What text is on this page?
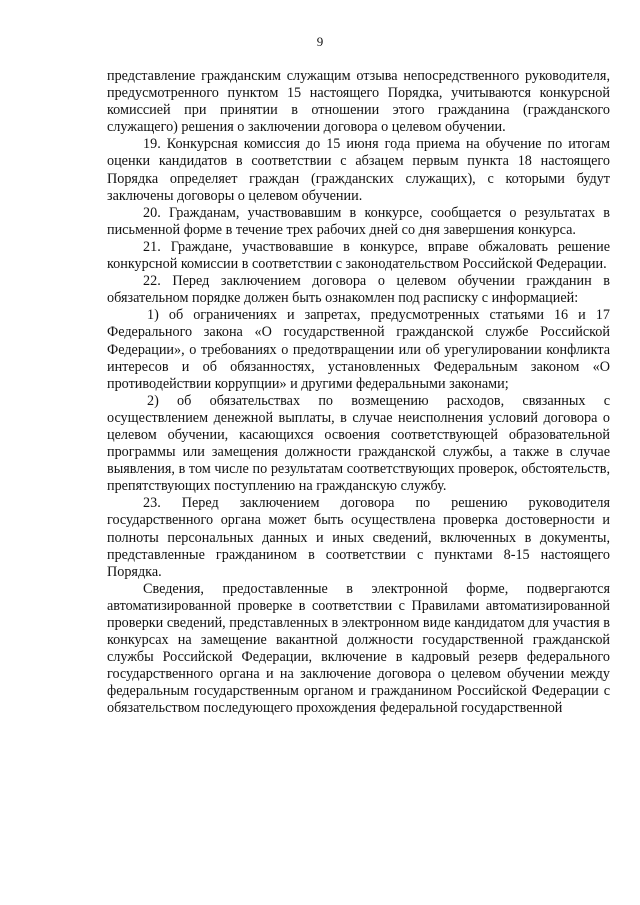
9

представление гражданским служащим отзыва непосредственного руководителя, предусмотренного пунктом 15 настоящего Порядка, учитываются конкурсной комиссией при принятии в отношении этого гражданина (гражданского служащего) решения о заключении договора о целевом обучении.

19. Конкурсная комиссия до 15 июня года приема на обучение по итогам оценки кандидатов в соответствии с абзацем первым пункта 18 настоящего Порядка определяет граждан (гражданских служащих), с которыми будут заключены договоры о целевом обучении.

20. Гражданам, участвовавшим в конкурсе, сообщается о результатах в письменной форме в течение трех рабочих дней со дня завершения конкурса.

21. Граждане, участвовавшие в конкурсе, вправе обжаловать решение конкурсной комиссии в соответствии с законодательством Российской Федерации.

22. Перед заключением договора о целевом обучении гражданин в обязательном порядке должен быть ознакомлен под расписку с информацией:

1) об ограничениях и запретах, предусмотренных статьями 16 и 17 Федерального закона «О государственной гражданской службе Российской Федерации», о требованиях о предотвращении или об урегулировании конфликта интересов и об обязанностях, установленных Федеральным законом «О противодействии коррупции» и другими федеральными законами;

2) об обязательствах по возмещению расходов, связанных с осуществлением денежной выплаты, в случае неисполнения условий договора о целевом обучении, касающихся освоения соответствующей образовательной программы или замещения должности гражданской службы, а также в случае выявления, в том числе по результатам соответствующих проверок, обстоятельств, препятствующих поступлению на гражданскую службу.

23. Перед заключением договора по решению руководителя государственного органа может быть осуществлена проверка достоверности и полноты персональных данных и иных сведений, включенных в документы, представленные гражданином в соответствии с пунктами 8-15 настоящего Порядка.

Сведения, предоставленные в электронной форме, подвергаются автоматизированной проверке в соответствии с Правилами автоматизированной проверки сведений, представленных в электронном виде кандидатом для участия в конкурсах на замещение вакантной должности государственной гражданской службы Российской Федерации, включение в кадровый резерв федерального государственного органа и на заключение договора о целевом обучении между федеральным государственным органом и гражданином Российской Федерации с обязательством последующего прохождения федеральной государственной
